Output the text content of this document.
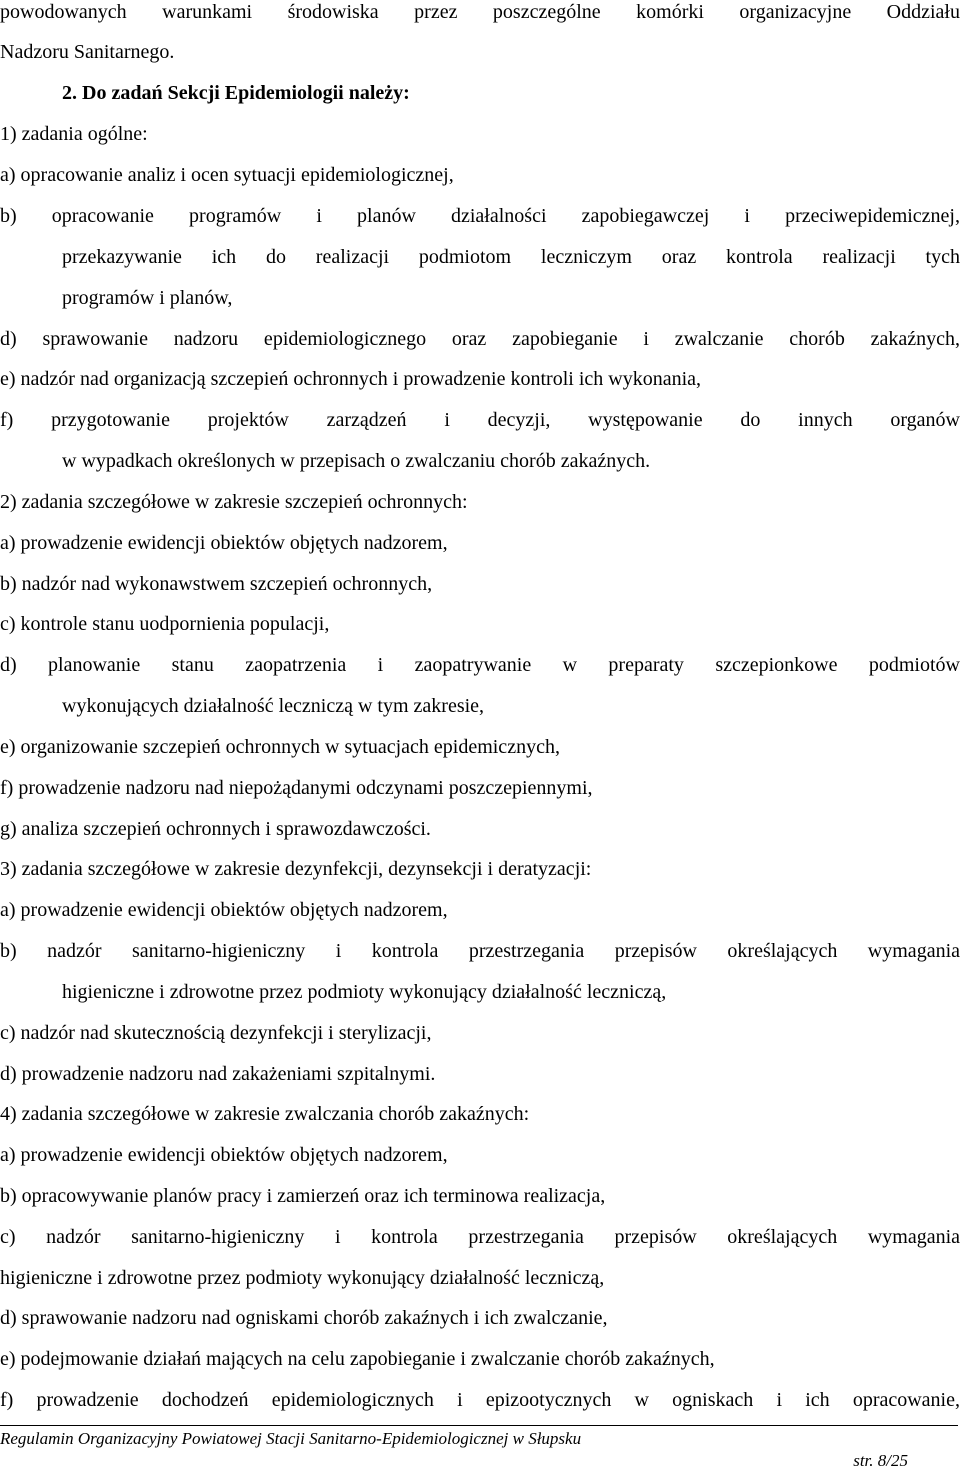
powodowanych warunkami środowiska przez poszczególne komórki organizacyjne Oddziału
Nadzoru Sanitarnego.
2. Do zadań Sekcji Epidemiologii należy:
1) zadania ogólne:
a) opracowanie analiz i ocen sytuacji epidemiologicznej,
b) opracowanie programów i planów działalności zapobiegawczej i przeciwepidemicznej,
przekazywanie ich do realizacji podmiotom leczniczym oraz kontrola realizacji tych
programów i planów,
d) sprawowanie nadzoru epidemiologicznego oraz zapobieganie i zwalczanie chorób zakaźnych,
e) nadzór nad organizacją szczepień ochronnych i prowadzenie kontroli ich wykonania,
f) przygotowanie projektów zarządzeń i decyzji, występowanie do innych organów
w wypadkach określonych w przepisach o zwalczaniu chorób zakaźnych.
2) zadania szczegółowe w zakresie szczepień ochronnych:
a) prowadzenie ewidencji obiektów objętych nadzorem,
b) nadzór nad wykonawstwem szczepień ochronnych,
c) kontrole stanu uodpornienia populacji,
d) planowanie stanu zaopatrzenia i zaopatrywanie w preparaty szczepionkowe podmiotów
wykonujących działalność leczniczą w tym zakresie,
e) organizowanie szczepień ochronnych w sytuacjach epidemicznych,
f) prowadzenie nadzoru nad niepożądanymi odczynami poszczepiennymi,
g) analiza szczepień ochronnych i sprawozdawczości.
3) zadania szczegółowe w zakresie dezynfekcji, dezynsekcji i deratyzacji:
a) prowadzenie ewidencji obiektów objętych nadzorem,
b) nadzór sanitarno-higieniczny i kontrola przestrzegania przepisów określających wymagania
higieniczne i zdrowotne przez podmioty wykonujący działalność leczniczą,
c) nadzór nad skutecznością dezynfekcji i sterylizacji,
d) prowadzenie nadzoru nad zakażeniami szpitalnymi.
4) zadania szczegółowe w zakresie zwalczania chorób zakaźnych:
a) prowadzenie ewidencji obiektów objętych nadzorem,
b) opracowywanie planów pracy i zamierzeń oraz ich terminowa realizacja,
c) nadzór sanitarno-higieniczny i kontrola przestrzegania przepisów określających wymagania
higieniczne i zdrowotne przez podmioty wykonujący działalność leczniczą,
d) sprawowanie nadzoru nad ogniskami chorób zakaźnych i ich zwalczanie,
e) podejmowanie działań mających na celu zapobieganie i zwalczanie chorób zakaźnych,
f) prowadzenie dochodzeń epidemiologicznych i epizootycznych w ogniskach i ich opracowanie,
Regulamin Organizacyjny Powiatowej Stacji Sanitarno-Epidemiologicznej w Słupsku
str. 8/25
